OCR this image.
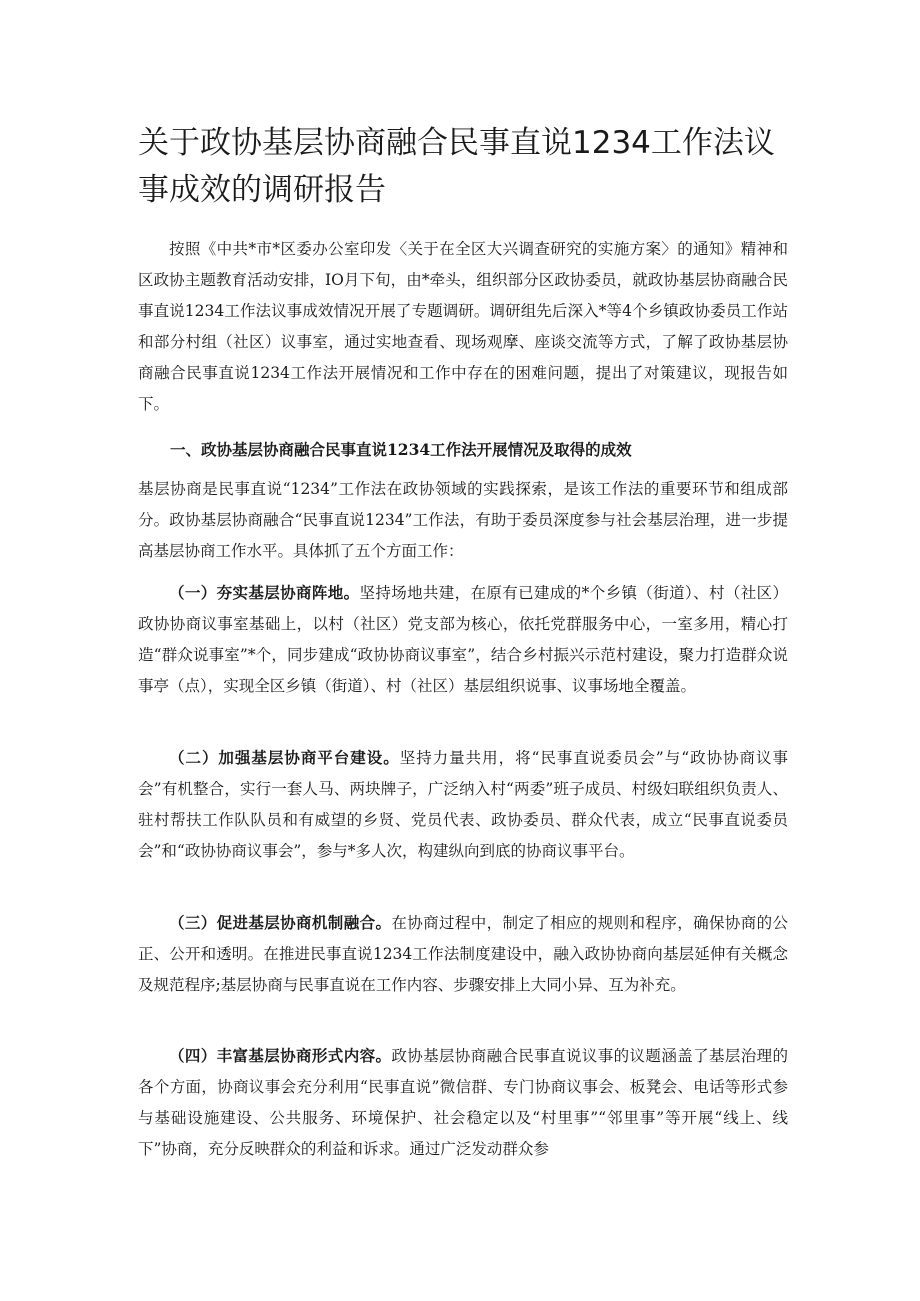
关于政协基层协商融合民事直说1234工作法议事成效的调研报告

按照《中共*市*区委办公室印发〈关于在全区大兴调查研究的实施方案〉的通知》精神和区政协主题教育活动安排，IO月下旬，由*牵头，组织部分区政协委员，就政协基层协商融合民事直说1234工作法议事成效情况开展了专题调研。调研组先后深入*等4个乡镇政协委员工作站和部分村组（社区）议事室，通过实地查看、现场观摩、座谈交流等方式，了解了政协基层协商融合民事直说1234工作法开展情况和工作中存在的困难问题，提出了对策建议，现报告如下。

一、政协基层协商融合民事直说1234工作法开展情况及取得的成效

基层协商是民事直说“1234”工作法在政协领域的实践探索，是该工作法的重要环节和组成部分。政协基层协商融合“民事直说1234”工作法，有助于委员深度参与社会基层治理，进一步提高基层协商工作水平。具体抓了五个方面工作：

（一）夯实基层协商阵地。坚持场地共建，在原有已建成的*个乡镇（街道）、村（社区）政协协商议事室基础上，以村（社区）党支部为核心，依托党群服务中心，一室多用，精心打造“群众说事室”*个，同步建成“政协协商议事室”，结合乡村振兴示范村建设，聚力打造群众说事亭（点），实现全区乡镇（街道）、村（社区）基层组织说事、议事场地全覆盖。

（二）加强基层协商平台建设。坚持力量共用，将“民事直说委员会”与“政协协商议事会”有机整合，实行一套人马、两块牌子，广泛纳入村“两委”班子成员、村级妇联组织负责人、驻村帮扶工作队队员和有威望的乡贤、党员代表、政协委员、群众代表，成立“民事直说委员会”和“政协协商议事会”，参与*多人次，构建纵向到底的协商议事平台。

（三）促进基层协商机制融合。在协商过程中，制定了相应的规则和程序，确保协商的公正、公开和透明。在推进民事直说1234工作法制度建设中，融入政协协商向基层延伸有关概念及规范程序;基层协商与民事直说在工作内容、步骤安排上大同小异、互为补充。

（四）丰富基层协商形式内容。政协基层协商融合民事直说议事的议题涵盖了基层治理的各个方面，协商议事会充分利用“民事直说”微信群、专门协商议事会、板凳会、电话等形式参与基础设施建设、公共服务、环境保护、社会稳定以及“村里事”“邻里事”等开展“线上、线下”协商，充分反映群众的利益和诉求。通过广泛发动群众参
